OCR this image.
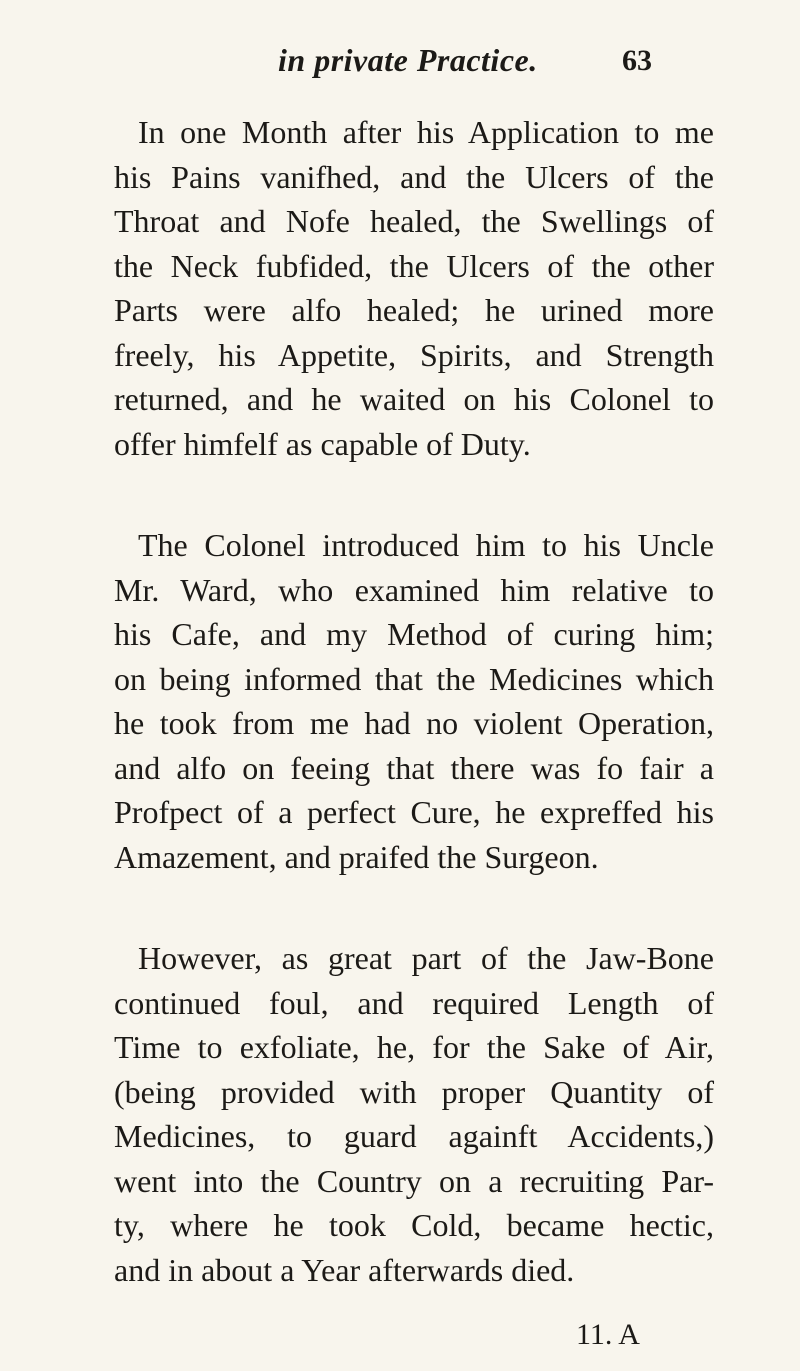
in private Practice.	63
In one Month after his Application to me
his Pains vanifhed, and the Ulcers of the
Throat and Nofe healed, the Swellings of
the Neck fubfided, the Ulcers of the other
Parts were alfo healed; he urined more
freely, his Appetite, Spirits, and Strength
returned, and he waited on his Colonel to
offer himfelf as capable of Duty.
The Colonel introduced him to his Uncle
Mr. Ward, who examined him relative to
his Cafe, and my Method of curing him;
on being informed that the Medicines which
he took from me had no violent Operation,
and alfo on feeing that there was fo fair a
Profpect of a perfect Cure, he expreffed his
Amazement, and praifed the Surgeon.
However, as great part of the Jaw-Bone
continued foul, and required Length of
Time to exfoliate, he, for the Sake of Air,
(being provided with proper Quantity of
Medicines, to guard againft Accidents,)
went into the Country on a recruiting Par-
ty, where he took Cold, became hectic,
and in about a Year afterwards died.
11. A
